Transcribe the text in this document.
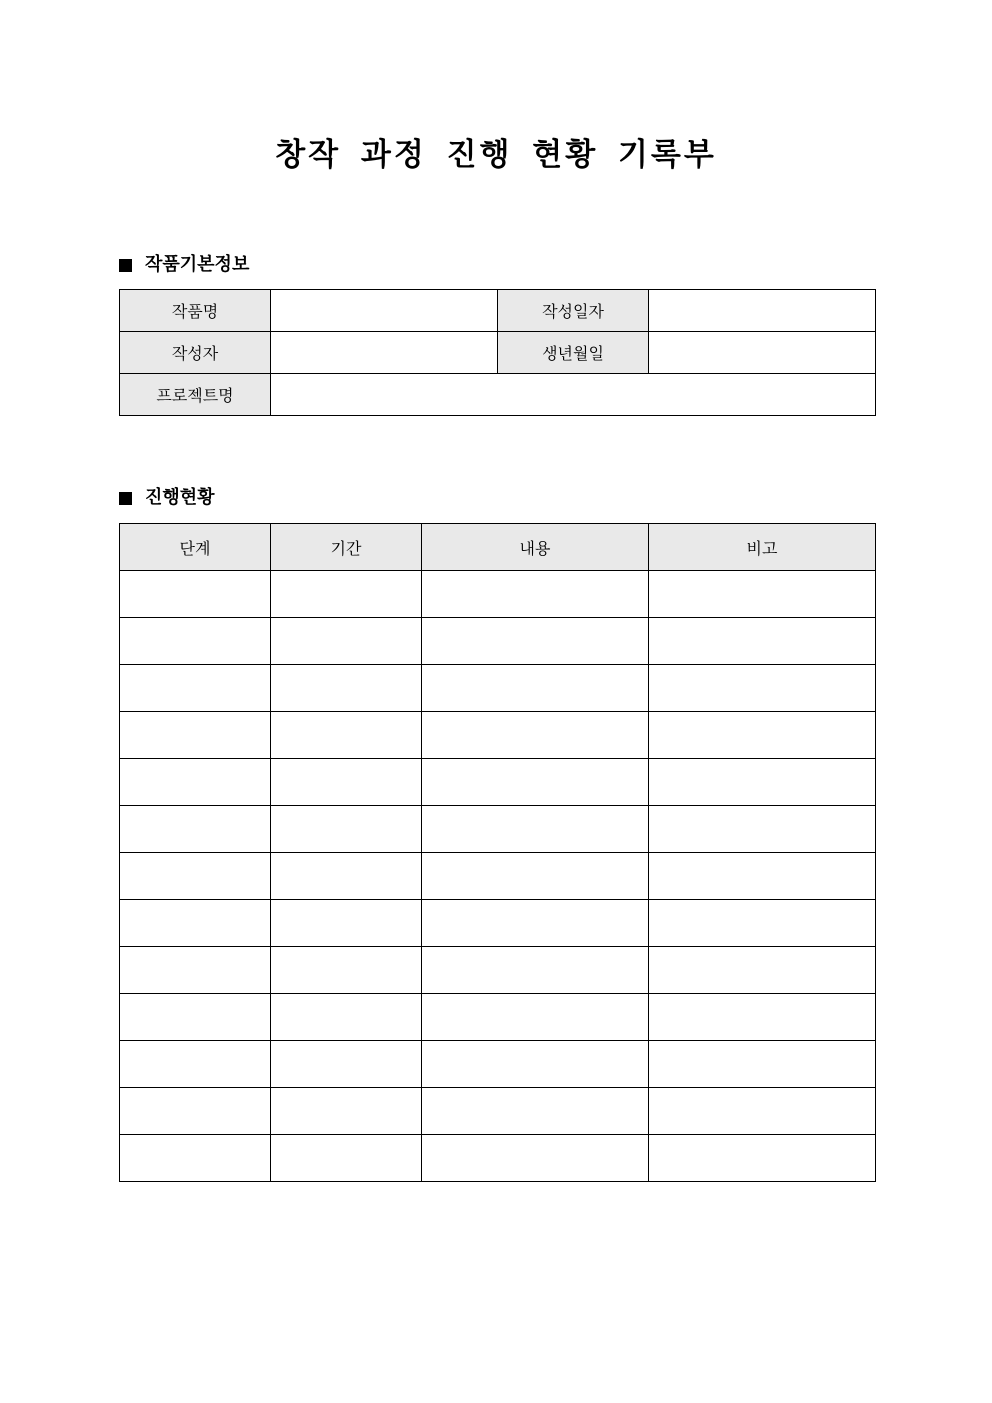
창작 과정 진행 현황 기록부
작품기본정보
작품명		작성일자	
작성자		생년월일	
프로젝트명			
진행현황
단계	기간	내용	비고
